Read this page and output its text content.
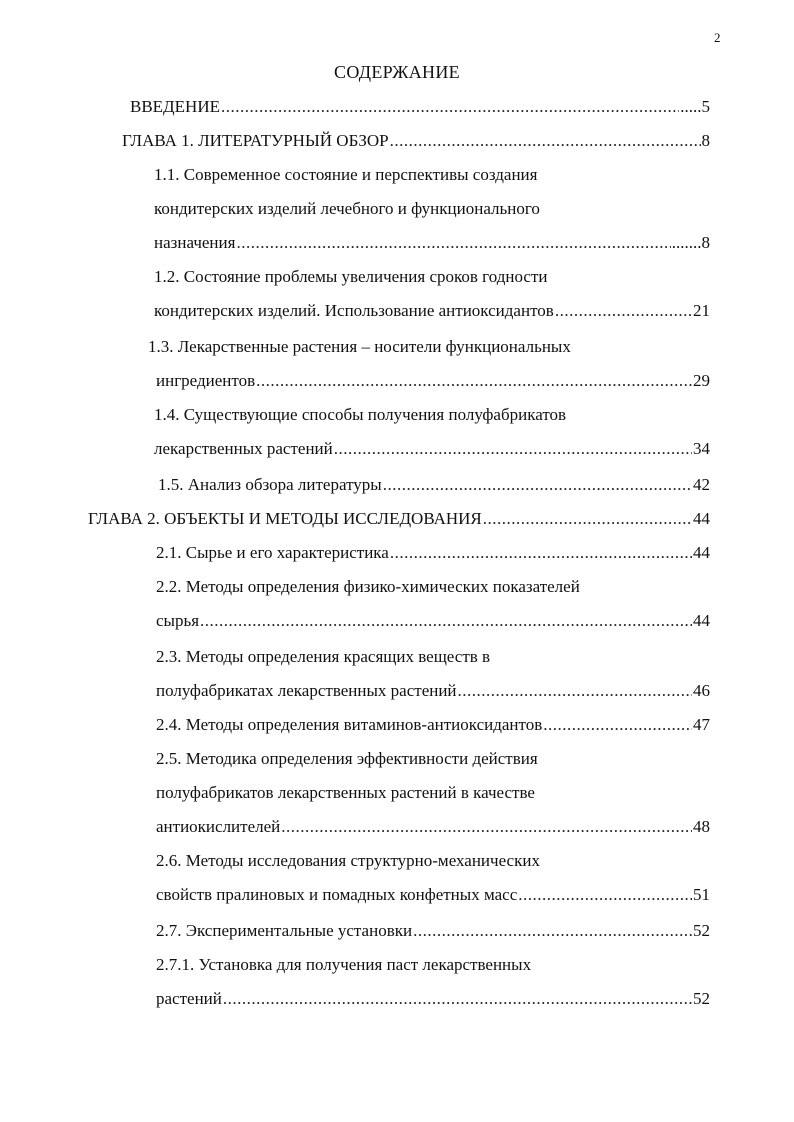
2
СОДЕРЖАНИЕ
ВВЕДЕНИЕ .....	.....5
ГЛАВА 1. ЛИТЕРАТУРНЫЙ ОБЗОР .....	8
1.1. Современное состояние и перспективы создания
кондитерских изделий лечебного и функционального
назначения .....	.......8
1.2. Состояние проблемы увеличения сроков годности
кондитерских изделий. Использование антиоксидантов .....	21
1.3. Лекарственные растения – носители функциональных
ингредиентов .....	29
1.4. Существующие способы получения полуфабрикатов
лекарственных растений .....	34
1.5. Анализ обзора литературы .....	42
ГЛАВА 2. ОБЪЕКТЫ И МЕТОДЫ ИССЛЕДОВАНИЯ .....	44
2.1. Сырье и его характеристика .....	44
2.2. Методы определения физико-химических показателей
сырья .....	44
2.3. Методы определения красящих веществ в
полуфабрикатах лекарственных растений .....	46
2.4. Методы определения витаминов-антиоксидантов .....	47
2.5. Методика определения эффективности действия
полуфабрикатов лекарственных растений в качестве
антиокислителей .....	48
2.6. Методы исследования структурно-механических
свойств пралиновых и помадных конфетных масс .....	51
2.7. Экспериментальные установки .....	52
2.7.1. Установка для получения паст лекарственных
растений .....	52
